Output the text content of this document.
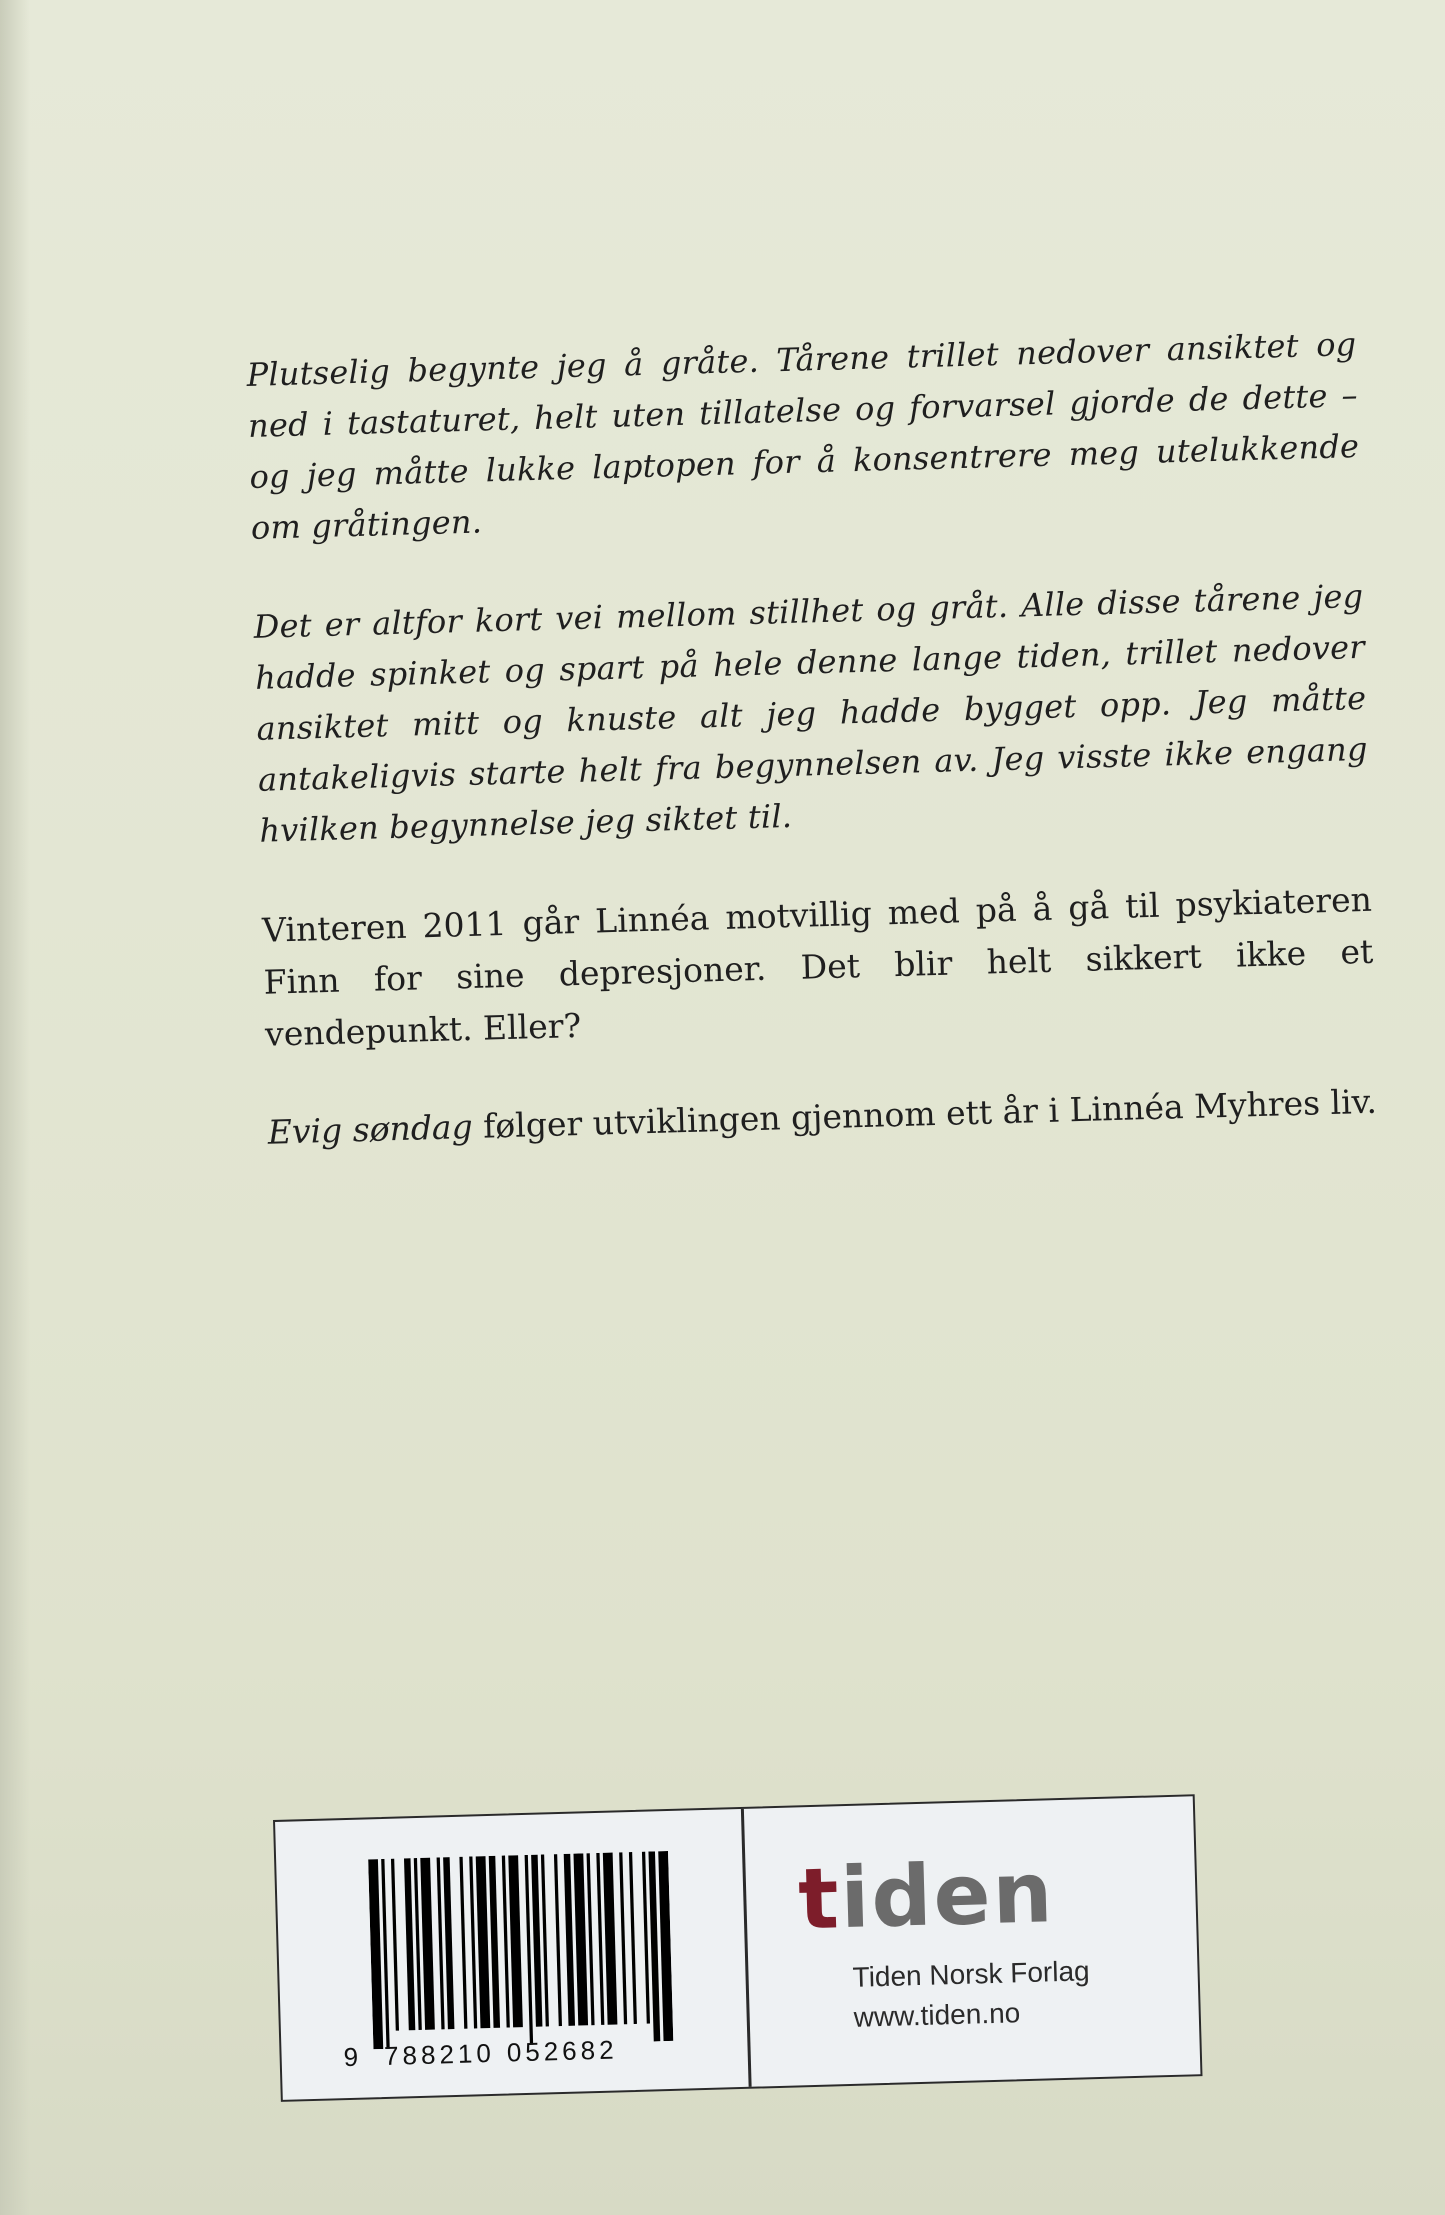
Plutselig begynte jeg å gråte. Tårene trillet nedover ansiktet og ned i tastaturet, helt uten tillatelse og forvarsel gjorde de dette – og jeg måtte lukke laptopen for å konsentrere meg utelukkende om gråtingen.

Det er altfor kort vei mellom stillhet og gråt. Alle disse tårene jeg hadde spinket og spart på hele denne lange tiden, trillet nedover ansiktet mitt og knuste alt jeg hadde bygget opp. Jeg måtte antakeligvis starte helt fra begynnelsen av. Jeg visste ikke engang hvilken begynnelse jeg siktet til.

Vinteren 2011 går Linnéa motvillig med på å gå til psykiateren Finn for sine depresjoner. Det blir helt sikkert ikke et vendepunkt. Eller?
Evig søndag følger utviklingen gjennom ett år i Linnéa Myhres liv.
9 788210 052682
tiden
Tiden Norsk Forlag
www.tiden.no
